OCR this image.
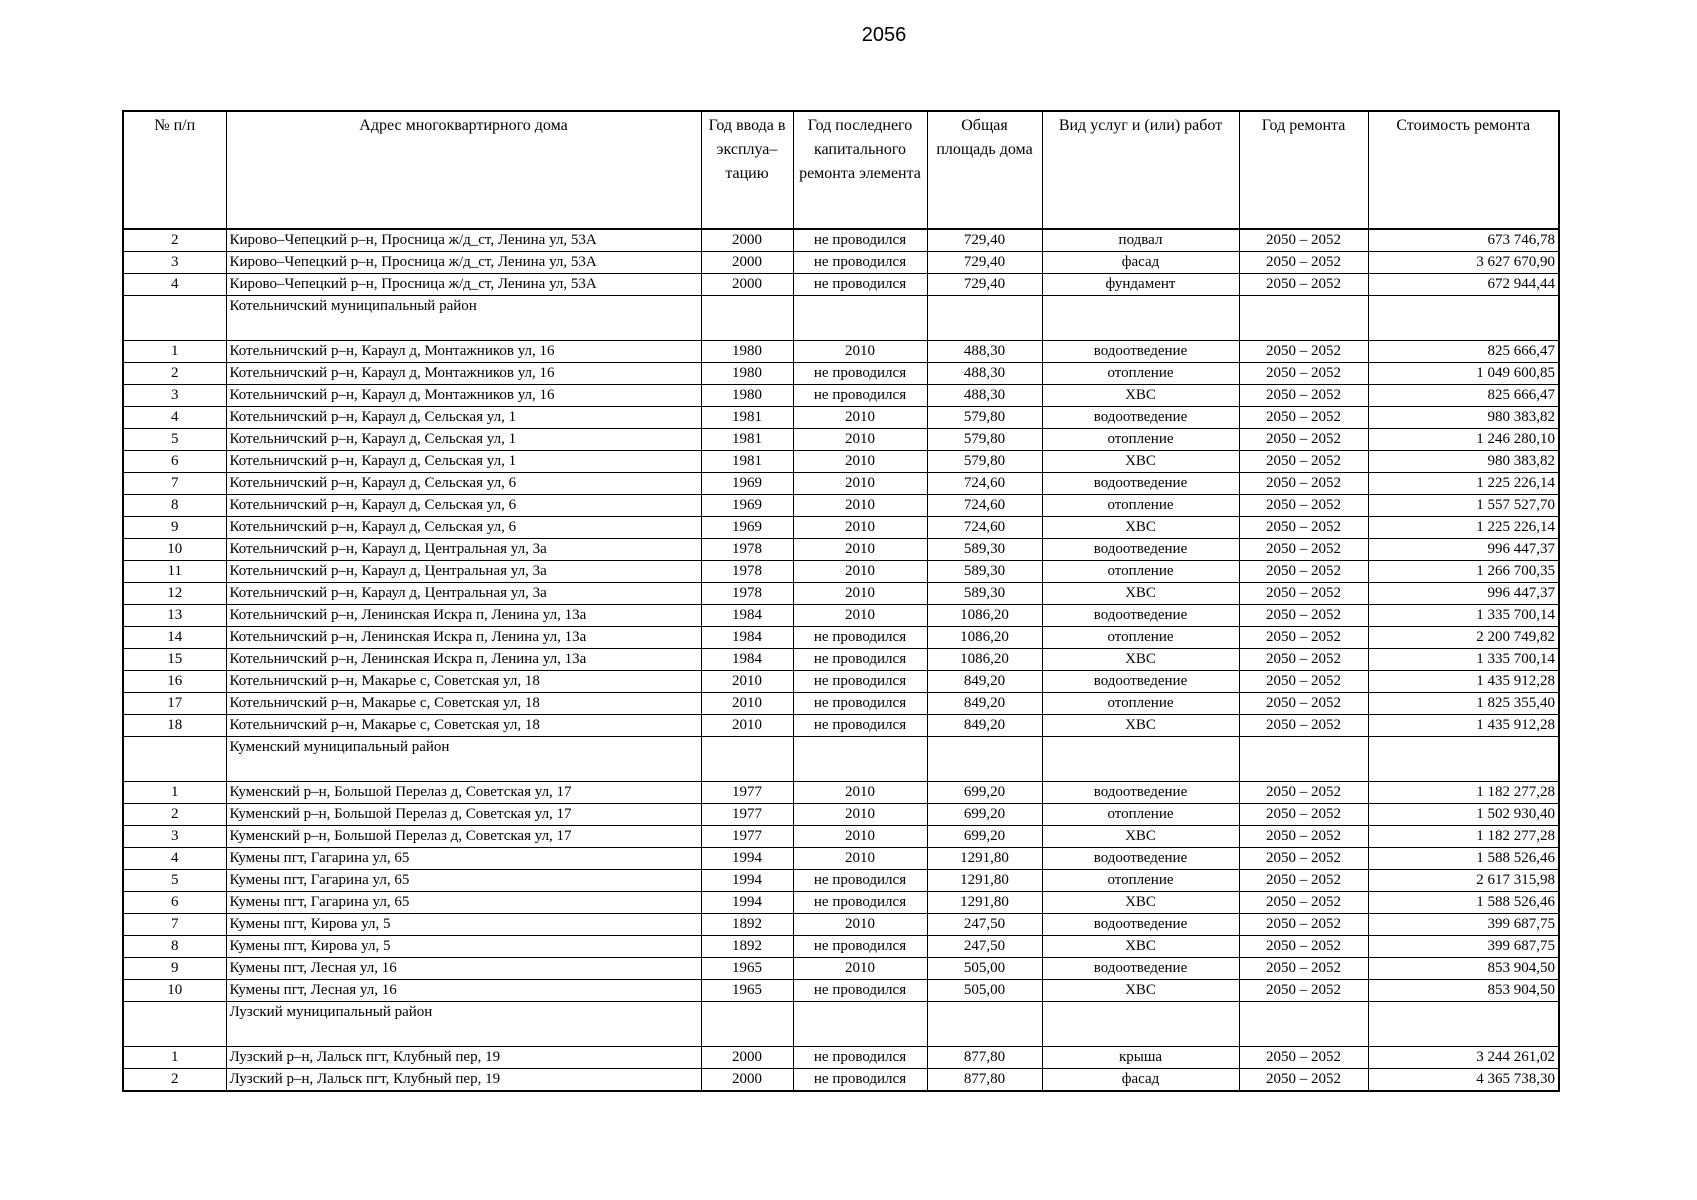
2056
№ п/п	Адрес многоквартирного дома	Год ввода в эксплуа–тацию	Год последнего капитального ремонта элемента	Общая площадь дома	Вид услуг и (или) работ	Год ремонта	Стоимость ремонта
2	Кирово–Чепецкий р–н, Просница ж/д_ст, Ленина ул, 53А	2000	не проводился	729,40	подвал	2050 – 2052	673 746,78
3	Кирово–Чепецкий р–н, Просница ж/д_ст, Ленина ул, 53А	2000	не проводился	729,40	фасад	2050 – 2052	3 627 670,90
4	Кирово–Чепецкий р–н, Просница ж/д_ст, Ленина ул, 53А	2000	не проводился	729,40	фундамент	2050 – 2052	672 944,44
	Котельничский муниципальный район						
1	Котельничский р–н, Караул д, Монтажников ул, 16	1980	2010	488,30	водоотведение	2050 – 2052	825 666,47
2	Котельничский р–н, Караул д, Монтажников ул, 16	1980	не проводился	488,30	отопление	2050 – 2052	1 049 600,85
3	Котельничский р–н, Караул д, Монтажников ул, 16	1980	не проводился	488,30	ХВС	2050 – 2052	825 666,47
4	Котельничский р–н, Караул д, Сельская ул, 1	1981	2010	579,80	водоотведение	2050 – 2052	980 383,82
5	Котельничский р–н, Караул д, Сельская ул, 1	1981	2010	579,80	отопление	2050 – 2052	1 246 280,10
6	Котельничский р–н, Караул д, Сельская ул, 1	1981	2010	579,80	ХВС	2050 – 2052	980 383,82
7	Котельничский р–н, Караул д, Сельская ул, 6	1969	2010	724,60	водоотведение	2050 – 2052	1 225 226,14
8	Котельничский р–н, Караул д, Сельская ул, 6	1969	2010	724,60	отопление	2050 – 2052	1 557 527,70
9	Котельничский р–н, Караул д, Сельская ул, 6	1969	2010	724,60	ХВС	2050 – 2052	1 225 226,14
10	Котельничский р–н, Караул д, Центральная ул, 3а	1978	2010	589,30	водоотведение	2050 – 2052	996 447,37
11	Котельничский р–н, Караул д, Центральная ул, 3а	1978	2010	589,30	отопление	2050 – 2052	1 266 700,35
12	Котельничский р–н, Караул д, Центральная ул, 3а	1978	2010	589,30	ХВС	2050 – 2052	996 447,37
13	Котельничский р–н, Ленинская Искра п, Ленина ул, 13а	1984	2010	1086,20	водоотведение	2050 – 2052	1 335 700,14
14	Котельничский р–н, Ленинская Искра п, Ленина ул, 13а	1984	не проводился	1086,20	отопление	2050 – 2052	2 200 749,82
15	Котельничский р–н, Ленинская Искра п, Ленина ул, 13а	1984	не проводился	1086,20	ХВС	2050 – 2052	1 335 700,14
16	Котельничский р–н, Макарье с, Советская ул, 18	2010	не проводился	849,20	водоотведение	2050 – 2052	1 435 912,28
17	Котельничский р–н, Макарье с, Советская ул, 18	2010	не проводился	849,20	отопление	2050 – 2052	1 825 355,40
18	Котельничский р–н, Макарье с, Советская ул, 18	2010	не проводился	849,20	ХВС	2050 – 2052	1 435 912,28
	Куменский муниципальный район						
1	Куменский р–н, Большой Перелаз д, Советская ул, 17	1977	2010	699,20	водоотведение	2050 – 2052	1 182 277,28
2	Куменский р–н, Большой Перелаз д, Советская ул, 17	1977	2010	699,20	отопление	2050 – 2052	1 502 930,40
3	Куменский р–н, Большой Перелаз д, Советская ул, 17	1977	2010	699,20	ХВС	2050 – 2052	1 182 277,28
4	Кумены пгт, Гагарина ул, 65	1994	2010	1291,80	водоотведение	2050 – 2052	1 588 526,46
5	Кумены пгт, Гагарина ул, 65	1994	не проводился	1291,80	отопление	2050 – 2052	2 617 315,98
6	Кумены пгт, Гагарина ул, 65	1994	не проводился	1291,80	ХВС	2050 – 2052	1 588 526,46
7	Кумены пгт, Кирова ул, 5	1892	2010	247,50	водоотведение	2050 – 2052	399 687,75
8	Кумены пгт, Кирова ул, 5	1892	не проводился	247,50	ХВС	2050 – 2052	399 687,75
9	Кумены пгт, Лесная ул, 16	1965	2010	505,00	водоотведение	2050 – 2052	853 904,50
10	Кумены пгт, Лесная ул, 16	1965	не проводился	505,00	ХВС	2050 – 2052	853 904,50
	Лузский муниципальный район						
1	Лузский р–н, Лальск пгт, Клубный пер, 19	2000	не проводился	877,80	крыша	2050 – 2052	3 244 261,02
2	Лузский р–н, Лальск пгт, Клубный пер, 19	2000	не проводился	877,80	фасад	2050 – 2052	4 365 738,30
